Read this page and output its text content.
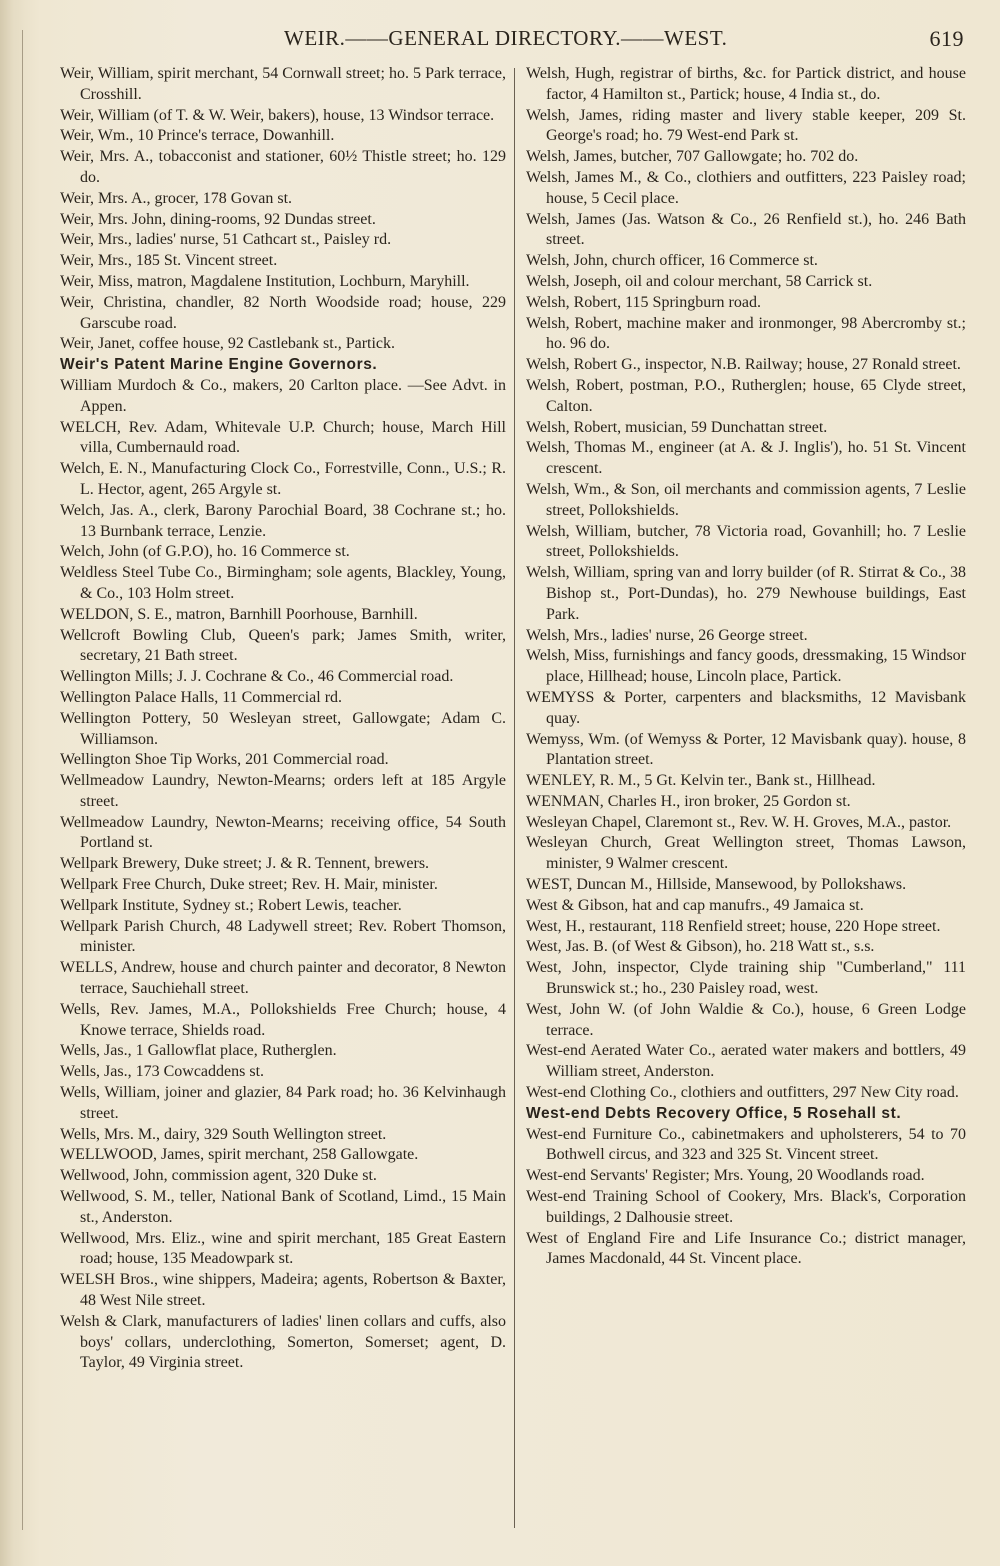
WEIR.——GENERAL DIRECTORY.——WEST.	619

Weir, William, spirit merchant, 54 Cornwall street; ho. 5 Park terrace, Crosshill.

Weir, William (of T. & W. Weir, bakers), house, 13 Windsor terrace.

Weir, Wm., 10 Prince's terrace, Dowanhill.

Weir, Mrs. A., tobacconist and stationer, 60½ Thistle street; ho. 129 do.

Weir, Mrs. A., grocer, 178 Govan st.

Weir, Mrs. John, dining-rooms, 92 Dundas street.

Weir, Mrs., ladies' nurse, 51 Cathcart st., Paisley rd.

Weir, Mrs., 185 St. Vincent street.

Weir, Miss, matron, Magdalene Institution, Lochburn, Maryhill.

Weir, Christina, chandler, 82 North Woodside road; house, 229 Garscube road.

Weir, Janet, coffee house, 92 Castlebank st., Partick.

Weir's Patent Marine Engine Governors.

William Murdoch & Co., makers, 20 Carlton place. —See Advt. in Appen.

WELCH, Rev. Adam, Whitevale U.P. Church; house, March Hill villa, Cumbernauld road.

Welch, E. N., Manufacturing Clock Co., Forrestville, Conn., U.S.; R. L. Hector, agent, 265 Argyle st.

Welch, Jas. A., clerk, Barony Parochial Board, 38 Cochrane st.; ho. 13 Burnbank terrace, Lenzie.

Welch, John (of G.P.O), ho. 16 Commerce st.

Weldless Steel Tube Co., Birmingham; sole agents, Blackley, Young, & Co., 103 Holm street.

WELDON, S. E., matron, Barnhill Poorhouse, Barnhill.

Wellcroft Bowling Club, Queen's park; James Smith, writer, secretary, 21 Bath street.

Wellington Mills; J. J. Cochrane & Co., 46 Commercial road.

Wellington Palace Halls, 11 Commercial rd.

Wellington Pottery, 50 Wesleyan street, Gallowgate; Adam C. Williamson.

Wellington Shoe Tip Works, 201 Commercial road.

Wellmeadow Laundry, Newton-Mearns; orders left at 185 Argyle street.

Wellmeadow Laundry, Newton-Mearns; receiving office, 54 South Portland st.

Wellpark Brewery, Duke street; J. & R. Tennent, brewers.

Wellpark Free Church, Duke street; Rev. H. Mair, minister.

Wellpark Institute, Sydney st.; Robert Lewis, teacher.

Wellpark Parish Church, 48 Ladywell street; Rev. Robert Thomson, minister.

WELLS, Andrew, house and church painter and decorator, 8 Newton terrace, Sauchiehall street.

Wells, Rev. James, M.A., Pollokshields Free Church; house, 4 Knowe terrace, Shields road.

Wells, Jas., 1 Gallowflat place, Rutherglen.

Wells, Jas., 173 Cowcaddens st.

Wells, William, joiner and glazier, 84 Park road; ho. 36 Kelvinhaugh street.

Wells, Mrs. M., dairy, 329 South Wellington street.

WELLWOOD, James, spirit merchant, 258 Gallowgate.

Wellwood, John, commission agent, 320 Duke st.

Wellwood, S. M., teller, National Bank of Scotland, Limd., 15 Main st., Anderston.

Wellwood, Mrs. Eliz., wine and spirit merchant, 185 Great Eastern road; house, 135 Meadowpark st.

WELSH Bros., wine shippers, Madeira; agents, Robertson & Baxter, 48 West Nile street.

Welsh & Clark, manufacturers of ladies' linen collars and cuffs, also boys' collars, underclothing, Somerton, Somerset; agent, D. Taylor, 49 Virginia street.

Welsh, Hugh, registrar of births, &c. for Partick district, and house factor, 4 Hamilton st., Partick; house, 4 India st., do.

Welsh, James, riding master and livery stable keeper, 209 St. George's road; ho. 79 West-end Park st.

Welsh, James, butcher, 707 Gallowgate; ho. 702 do.

Welsh, James M., & Co., clothiers and outfitters, 223 Paisley road; house, 5 Cecil place.

Welsh, James (Jas. Watson & Co., 26 Renfield st.), ho. 246 Bath street.

Welsh, John, church officer, 16 Commerce st.

Welsh, Joseph, oil and colour merchant, 58 Carrick st.

Welsh, Robert, 115 Springburn road.

Welsh, Robert, machine maker and ironmonger, 98 Abercromby st.; ho. 96 do.

Welsh, Robert G., inspector, N.B. Railway; house, 27 Ronald street.

Welsh, Robert, postman, P.O., Rutherglen; house, 65 Clyde street, Calton.

Welsh, Robert, musician, 59 Dunchattan street.

Welsh, Thomas M., engineer (at A. & J. Inglis'), ho. 51 St. Vincent crescent.

Welsh, Wm., & Son, oil merchants and commission agents, 7 Leslie street, Pollokshields.

Welsh, William, butcher, 78 Victoria road, Govanhill; ho. 7 Leslie street, Pollokshields.

Welsh, William, spring van and lorry builder (of R. Stirrat & Co., 38 Bishop st., Port-Dundas), ho. 279 Newhouse buildings, East Park.

Welsh, Mrs., ladies' nurse, 26 George street.

Welsh, Miss, furnishings and fancy goods, dressmaking, 15 Windsor place, Hillhead; house, Lincoln place, Partick.

WEMYSS & Porter, carpenters and blacksmiths, 12 Mavisbank quay.

Wemyss, Wm. (of Wemyss & Porter, 12 Mavisbank quay). house, 8 Plantation street.

WENLEY, R. M., 5 Gt. Kelvin ter., Bank st., Hillhead.

WENMAN, Charles H., iron broker, 25 Gordon st.

Wesleyan Chapel, Claremont st., Rev. W. H. Groves, M.A., pastor.

Wesleyan Church, Great Wellington street, Thomas Lawson, minister, 9 Walmer crescent.

WEST, Duncan M., Hillside, Mansewood, by Pollokshaws.

West & Gibson, hat and cap manufrs., 49 Jamaica st.

West, H., restaurant, 118 Renfield street; house, 220 Hope street.

West, Jas. B. (of West & Gibson), ho. 218 Watt st., s.s.

West, John, inspector, Clyde training ship "Cumberland," 111 Brunswick st.; ho., 230 Paisley road, west.

West, John W. (of John Waldie & Co.), house, 6 Green Lodge terrace.

West-end Aerated Water Co., aerated water makers and bottlers, 49 William street, Anderston.

West-end Clothing Co., clothiers and outfitters, 297 New City road.

West-end Debts Recovery Office, 5 Rosehall st.

West-end Furniture Co., cabinetmakers and upholsterers, 54 to 70 Bothwell circus, and 323 and 325 St. Vincent street.

West-end Servants' Register; Mrs. Young, 20 Woodlands road.

West-end Training School of Cookery, Mrs. Black's, Corporation buildings, 2 Dalhousie street.

West of England Fire and Life Insurance Co.; district manager, James Macdonald, 44 St. Vincent place.
